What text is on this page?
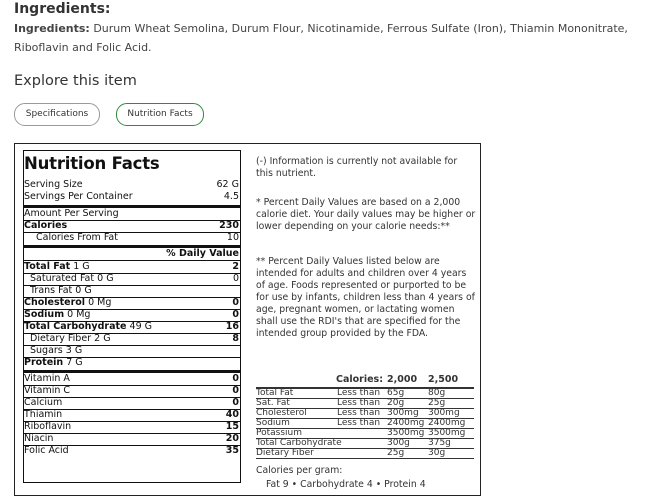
Ingredients:
Ingredients: Durum Wheat Semolina, Durum Flour, Nicotinamide, Ferrous Sulfate (Iron), Thiamin Mononitrate, Riboflavin and Folic Acid.
Explore this item
Specifications	Nutrition Facts
Nutrition Facts
Serving Size	62 G
Servings Per Container	4.5
Amount Per Serving
Calories	230
Calories From Fat	10
% Daily Value
Total Fat 1 G	2
Saturated Fat 0 G	0
Trans Fat 0 G
Cholesterol 0 Mg	0
Sodium 0 Mg	0
Total Carbohydrate 49 G	16
Dietary Fiber 2 G	8
Sugars 3 G
Protein 7 G
Vitamin A	0
Vitamin C	0
Calcium	0
Thiamin	40
Riboflavin	15
Niacin	20
Folic Acid	35

(-) Information is currently not available for this nutrient.

* Percent Daily Values are based on a 2,000 calorie diet. Your daily values may be higher or lower depending on your calorie needs:**

** Percent Daily Values listed below are intended for adults and children over 4 years of age. Foods represented or purported to be for use by infants, children less than 4 years of age, pregnant women, or lactating women shall use the RDI's that are specified for the intended group provided by the FDA.

Calories: 2,000 2,500
Total Fat	Less than 65g	80g
Sat. Fat	Less than 20g	25g
Cholesterol	Less than 300mg 300mg
Sodium	Less than 2400mg 2400mg
Potassium	3500mg 3500mg
Total Carbohydrate	300g 375g
Dietary Fiber	25g	30g

Calories per gram:

Fat 9 • Carbohydrate 4 • Protein 4
